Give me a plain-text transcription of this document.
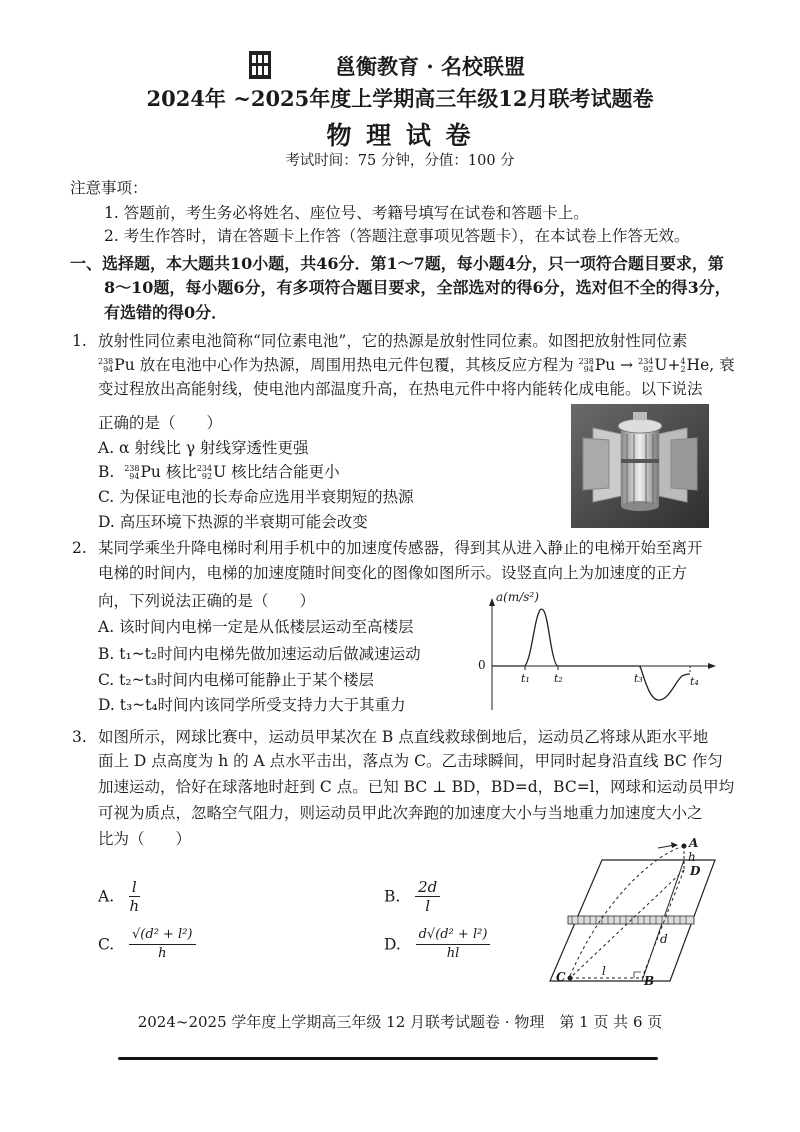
邕衡教育 · 名校联盟
2024年 ~2025年度上学期高三年级12月联考试题卷
物 理 试 卷
考试时间：75 分钟，分值：100 分
注意事项：
1. 答题前，考生务必将姓名、座位号、考籍号填写在试卷和答题卡上。
2. 考生作答时，请在答题卡上作答（答题注意事项见答题卡），在本试卷上作答无效。
一、选择题，本大题共10小题，共46分．第1～7题，每小题4分，只一项符合题目要求，第
8～10题，每小题6分，有多项符合题目要求，全部选对的得6分，选对但不全的得3分，
有选错的得0分．
1. 放射性同位素电池简称“同位素电池”，它的热源是放射性同位素。如图把放射性同位素
238
94Pu 放在电池中心作为热源，周围用热电元件包覆，其核反应方程为 238
94Pu → 234
92U+4
2He, 衰
变过程放出高能射线，使电池内部温度升高，在热电元件中将内能转化成电能。以下说法
正确的是（　　）
A. α 射线比 γ 射线穿透性更强
B. 238
94Pu 核比234
92U 核比结合能更小
C. 为保证电池的长寿命应选用半衰期短的热源
D. 高压环境下热源的半衰期可能会改变
2. 某同学乘坐升降电梯时利用手机中的加速度传感器，得到其从进入静止的电梯开始至离开
电梯的时间内，电梯的加速度随时间变化的图像如图所示。设竖直向上为加速度的正方
向，下列说法正确的是（　　）
A. 该时间内电梯一定是从低楼层运动至高楼层
B. t₁~t₂时间内电梯先做加速运动后做减速运动
C. t₂~t₃时间内电梯可能静止于某个楼层
D. t₃~t₄时间内该同学所受支持力大于其重力
a(m/s²)
0
t₁ t₂	t₃	t₄
3. 如图所示，网球比赛中，运动员甲某次在 B 点直线救球倒地后，运动员乙将球从距水平地
面上 D 点高度为 h 的 A 点水平击出，落点为 C。乙击球瞬间，甲同时起身沿直线 BC 作匀
加速运动，恰好在球落地时赶到 C 点。已知 BC ⊥ BD，BD=d，BC=l，网球和运动员甲均
可视为质点，忽略空气阻力，则运动员甲此次奔跑的加速度大小与当地重力加速度大小之
比为（　　）
A. $\frac{l}{h}$	B. $\frac{2d}{l}$
C. $\frac{\text{√(d² + l²)}}{h}$	D. $\frac{\text{d√(d² + l²)}}{hl}$
A
h
D
d
C	l
B
2024~2025 学年度上学期高三年级 12 月联考试题卷 · 物理　第 1 页 共 6 页
